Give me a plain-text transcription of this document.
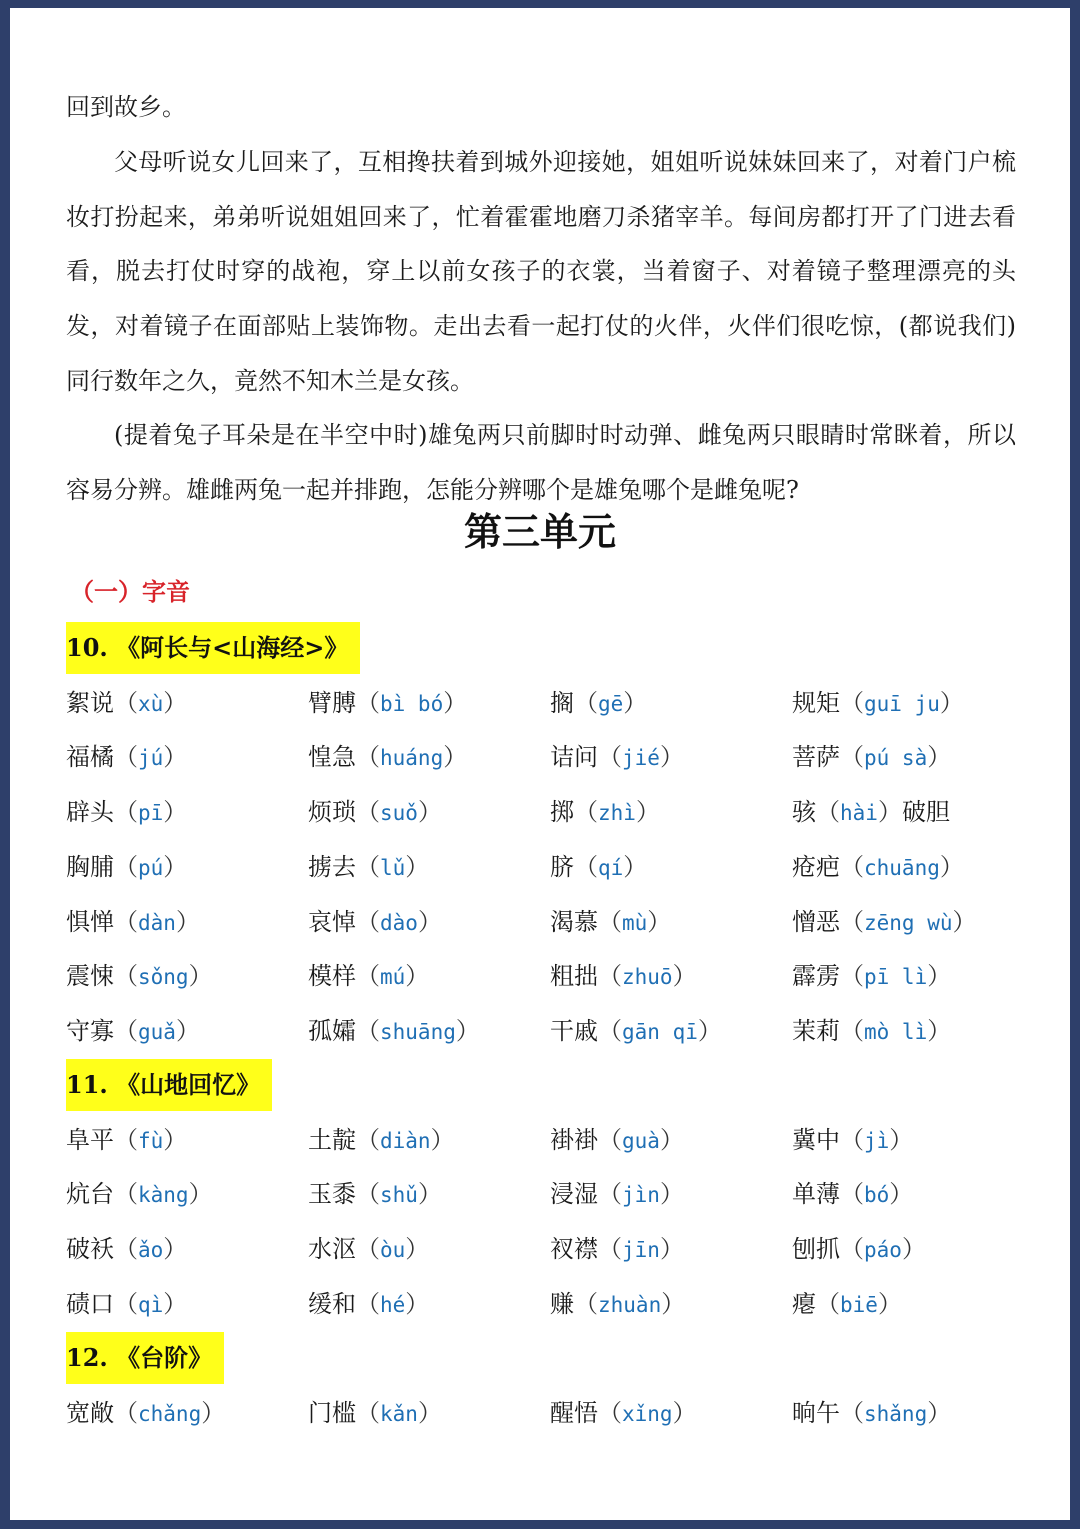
回到故乡。

父母听说女儿回来了，互相搀扶着到城外迎接她，姐姐听说妹妹回来了，对着门户梳妆打扮起来，弟弟听说姐姐回来了，忙着霍霍地磨刀杀猪宰羊。每间房都打开了门进去看看，脱去打仗时穿的战袍，穿上以前女孩子的衣裳，当着窗子、对着镜子整理漂亮的头发，对着镜子在面部贴上装饰物。走出去看一起打仗的火伴，火伴们很吃惊，(都说我们)同行数年之久，竟然不知木兰是女孩。

(提着兔子耳朵是在半空中时)雄兔两只前脚时时动弹、雌兔两只眼睛时常眯着，所以容易分辨。雄雌两兔一起并排跑，怎能分辨哪个是雄兔哪个是雌兔呢?

第三单元
（一）字音
10. 《阿长与<山海经>》
絮说（xù）	臂膊（bì bó）	搁（gē）	规矩（guī ju）
福橘（jú）	惶急（huáng）	诘问（jié）	菩萨（pú sà）
辟头（pī）	烦琐（suǒ）	掷（zhì）	骇（hài）破胆
胸脯（pú）	掳去（lǔ）	脐（qí）	疮疤（chuāng）
惧惮（dàn）	哀悼（dào）	渴慕（mù）	憎恶（zēng wù）
震悚（sǒng）	模样（mú）	粗拙（zhuō）	霹雳（pī lì）
守寡（guǎ）	孤孀（shuāng）	干戚（gān qī）	茉莉（mò lì）
11. 《山地回忆》
阜平（fù）	土靛（diàn）	褂褂（guà）	冀中（jì）
炕台（kàng）	玉黍（shǔ）	浸湿（jìn）	单薄（bó）
破袄（ǎo）	水沤（òu）	衩襟（jīn）	刨抓（páo）
碛口（qì）	缓和（hé）	赚（zhuàn）	瘪（biē）
12. 《台阶》
宽敞（chǎng）	门槛（kǎn）	醒悟（xǐng）	晌午（shǎng）
